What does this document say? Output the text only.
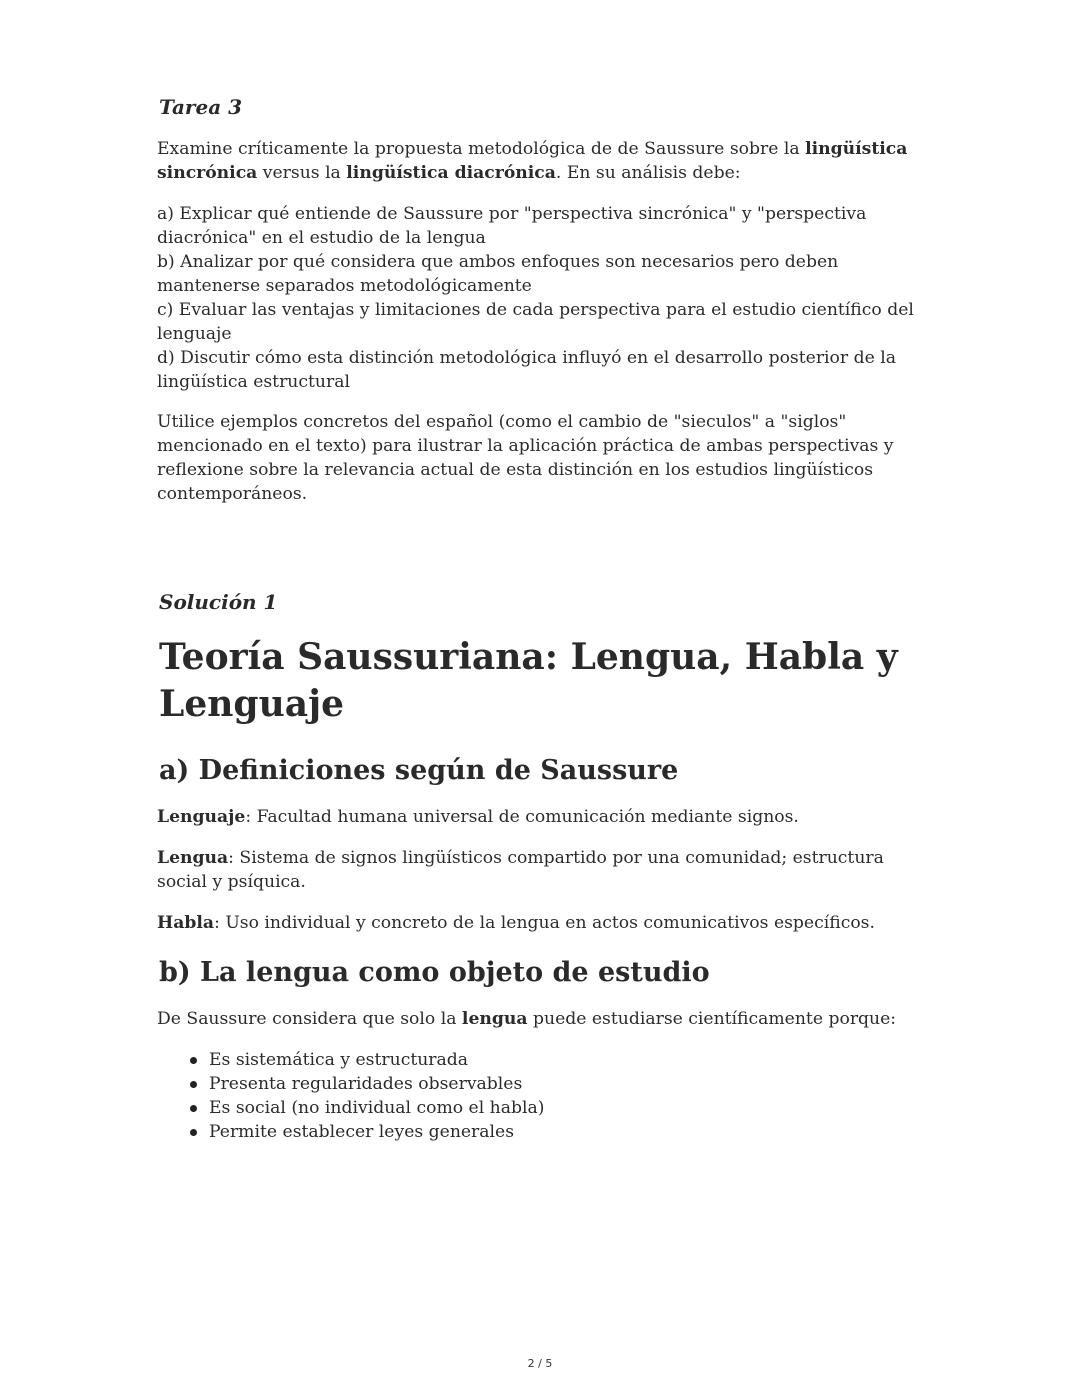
Tarea 3

Examine críticamente la propuesta metodológica de de Saussure sobre la lingüística sincrónica versus la lingüística diacrónica. En su análisis debe:

a) Explicar qué entiende de Saussure por "perspectiva sincrónica" y "perspectiva diacrónica" en el estudio de la lengua
b) Analizar por qué considera que ambos enfoques son necesarios pero deben mantenerse separados metodológicamente
c) Evaluar las ventajas y limitaciones de cada perspectiva para el estudio científico del lenguaje
d) Discutir cómo esta distinción metodológica influyó en el desarrollo posterior de la lingüística estructural

Utilice ejemplos concretos del español (como el cambio de "sieculos" a "siglos" mencionado en el texto) para ilustrar la aplicación práctica de ambas perspectivas y reflexione sobre la relevancia actual de esta distinción en los estudios lingüísticos contemporáneos.

Solución 1

Teoría Saussuriana: Lengua, Habla y Lenguaje
a) Definiciones según de Saussure

Lenguaje: Facultad humana universal de comunicación mediante signos.

Lengua: Sistema de signos lingüísticos compartido por una comunidad; estructura social y psíquica.

Habla: Uso individual y concreto de la lengua en actos comunicativos específicos.

b) La lengua como objeto de estudio

De Saussure considera que solo la lengua puede estudiarse científicamente porque:

Es sistemática y estructurada
Presenta regularidades observables
Es social (no individual como el habla)
Permite establecer leyes generales
2 / 5
